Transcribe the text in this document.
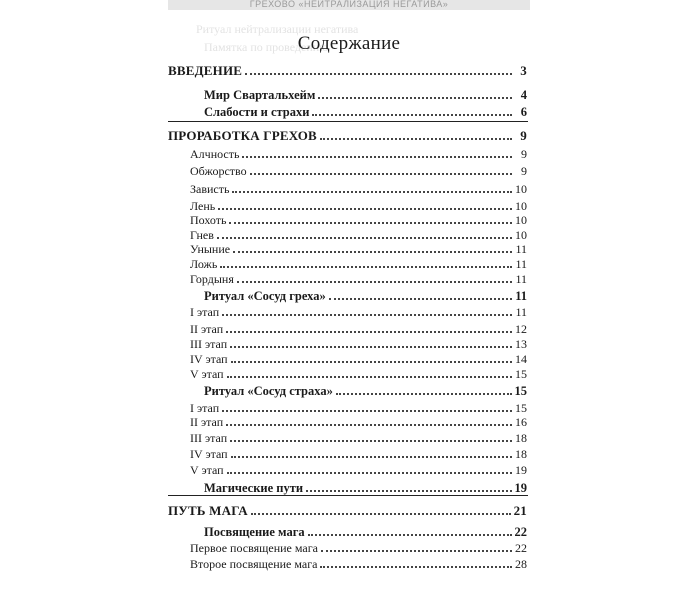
ГРЕХОВО «НЕЙТРАЛИЗАЦИЯ НЕГАТИВА»
Ритуал нейтрализации негатива
Памятка по проведению
Содержание
ВВЕДЕНИЕ	3
Мир Свартальхейм	4
Слабости и страхи	6
ПРОРАБОТКА ГРЕХОВ	9
Алчность	9
Обжорство	9
Зависть	10
Лень	10
Похоть	10
Гнев	10
Уныние	11
Ложь	11
Гордыня	11
Ритуал «Сосуд греха»	11
I этап	11
II этап	12
III этап	13
IV этап	14
V этап	15
Ритуал «Сосуд страха»	15
I этап	15
II этап	16
III этап	18
IV этап	18
V этап	19
Магические пути	19
ПУТЬ МАГА	21
Посвящение мага	22
Первое посвящение мага	22
Второе посвящение мага	28
